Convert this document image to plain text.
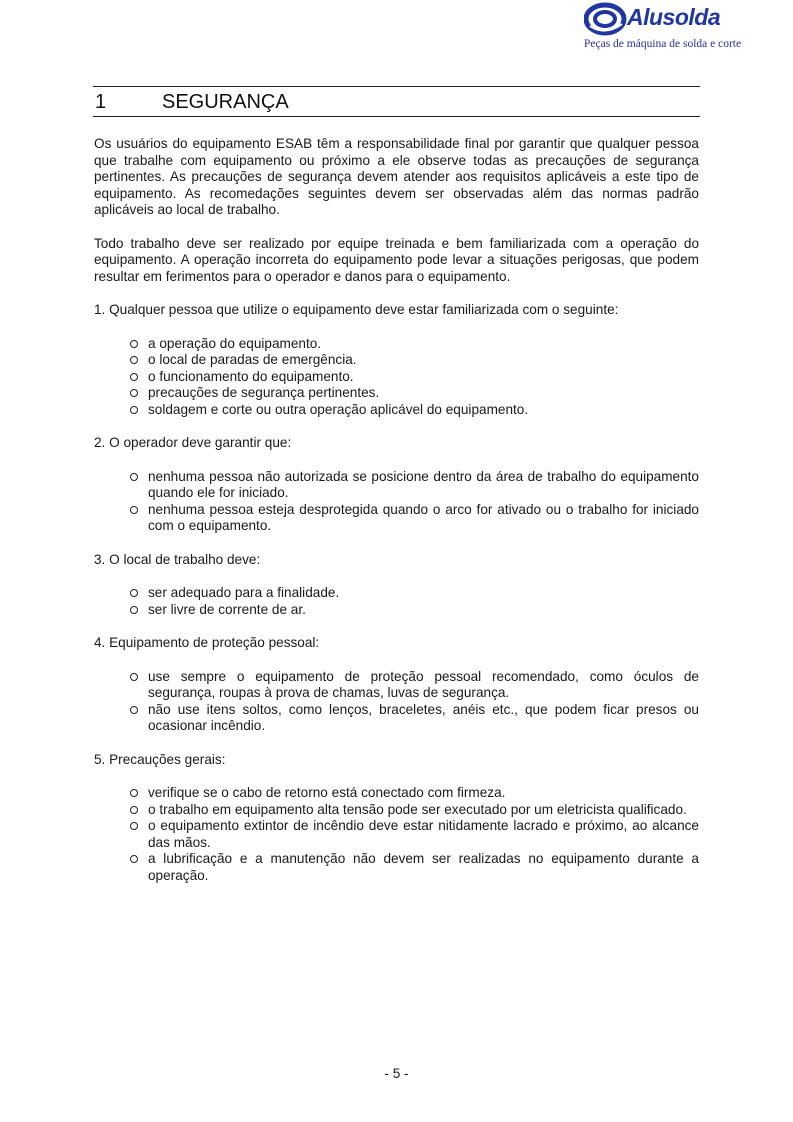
Alusolda
Peças de máquina de solda e corte
1	SEGURANÇA

Os usuários do equipamento ESAB têm a responsabilidade final por garantir que qualquer pessoa que trabalhe com equipamento ou próximo a ele observe todas as precauções de segurança pertinentes. As precauções de segurança devem atender aos requisitos aplicáveis a este tipo de equipamento. As recomedações seguintes devem ser observadas além das normas padrão aplicáveis ao local de trabalho.

Todo trabalho deve ser realizado por equipe treinada e bem familiarizada com a operação do equipamento. A operação incorreta do equipamento pode levar a situações perigosas, que podem resultar em ferimentos para o operador e danos para o equipamento.

1. Qualquer pessoa que utilize o equipamento deve estar familiarizada com o seguinte:
a operação do equipamento.
o local de paradas de emergência.
o funcionamento do equipamento.
precauções de segurança pertinentes.
soldagem e corte ou outra operação aplicável do equipamento.
2. O operador deve garantir que:
nenhuma pessoa não autorizada se posicione dentro da área de trabalho do equipamento quando ele for iniciado.
nenhuma pessoa esteja desprotegida quando o arco for ativado ou o trabalho for iniciado com o equipamento.
3. O local de trabalho deve:
ser adequado para a finalidade.
ser livre de corrente de ar.
4. Equipamento de proteção pessoal:
use sempre o equipamento de proteção pessoal recomendado, como óculos de segurança, roupas à prova de chamas, luvas de segurança.
não use itens soltos, como lenços, braceletes, anéis etc., que podem ficar presos ou ocasionar incêndio.
5. Precauções gerais:
verifique se o cabo de retorno está conectado com firmeza.
o trabalho em equipamento alta tensão pode ser executado por um eletricista qualificado.
o equipamento extintor de incêndio deve estar nitidamente lacrado e próximo, ao alcance das mãos.
a lubrificação e a manutenção não devem ser realizadas no equipamento durante a operação.
- 5 -
